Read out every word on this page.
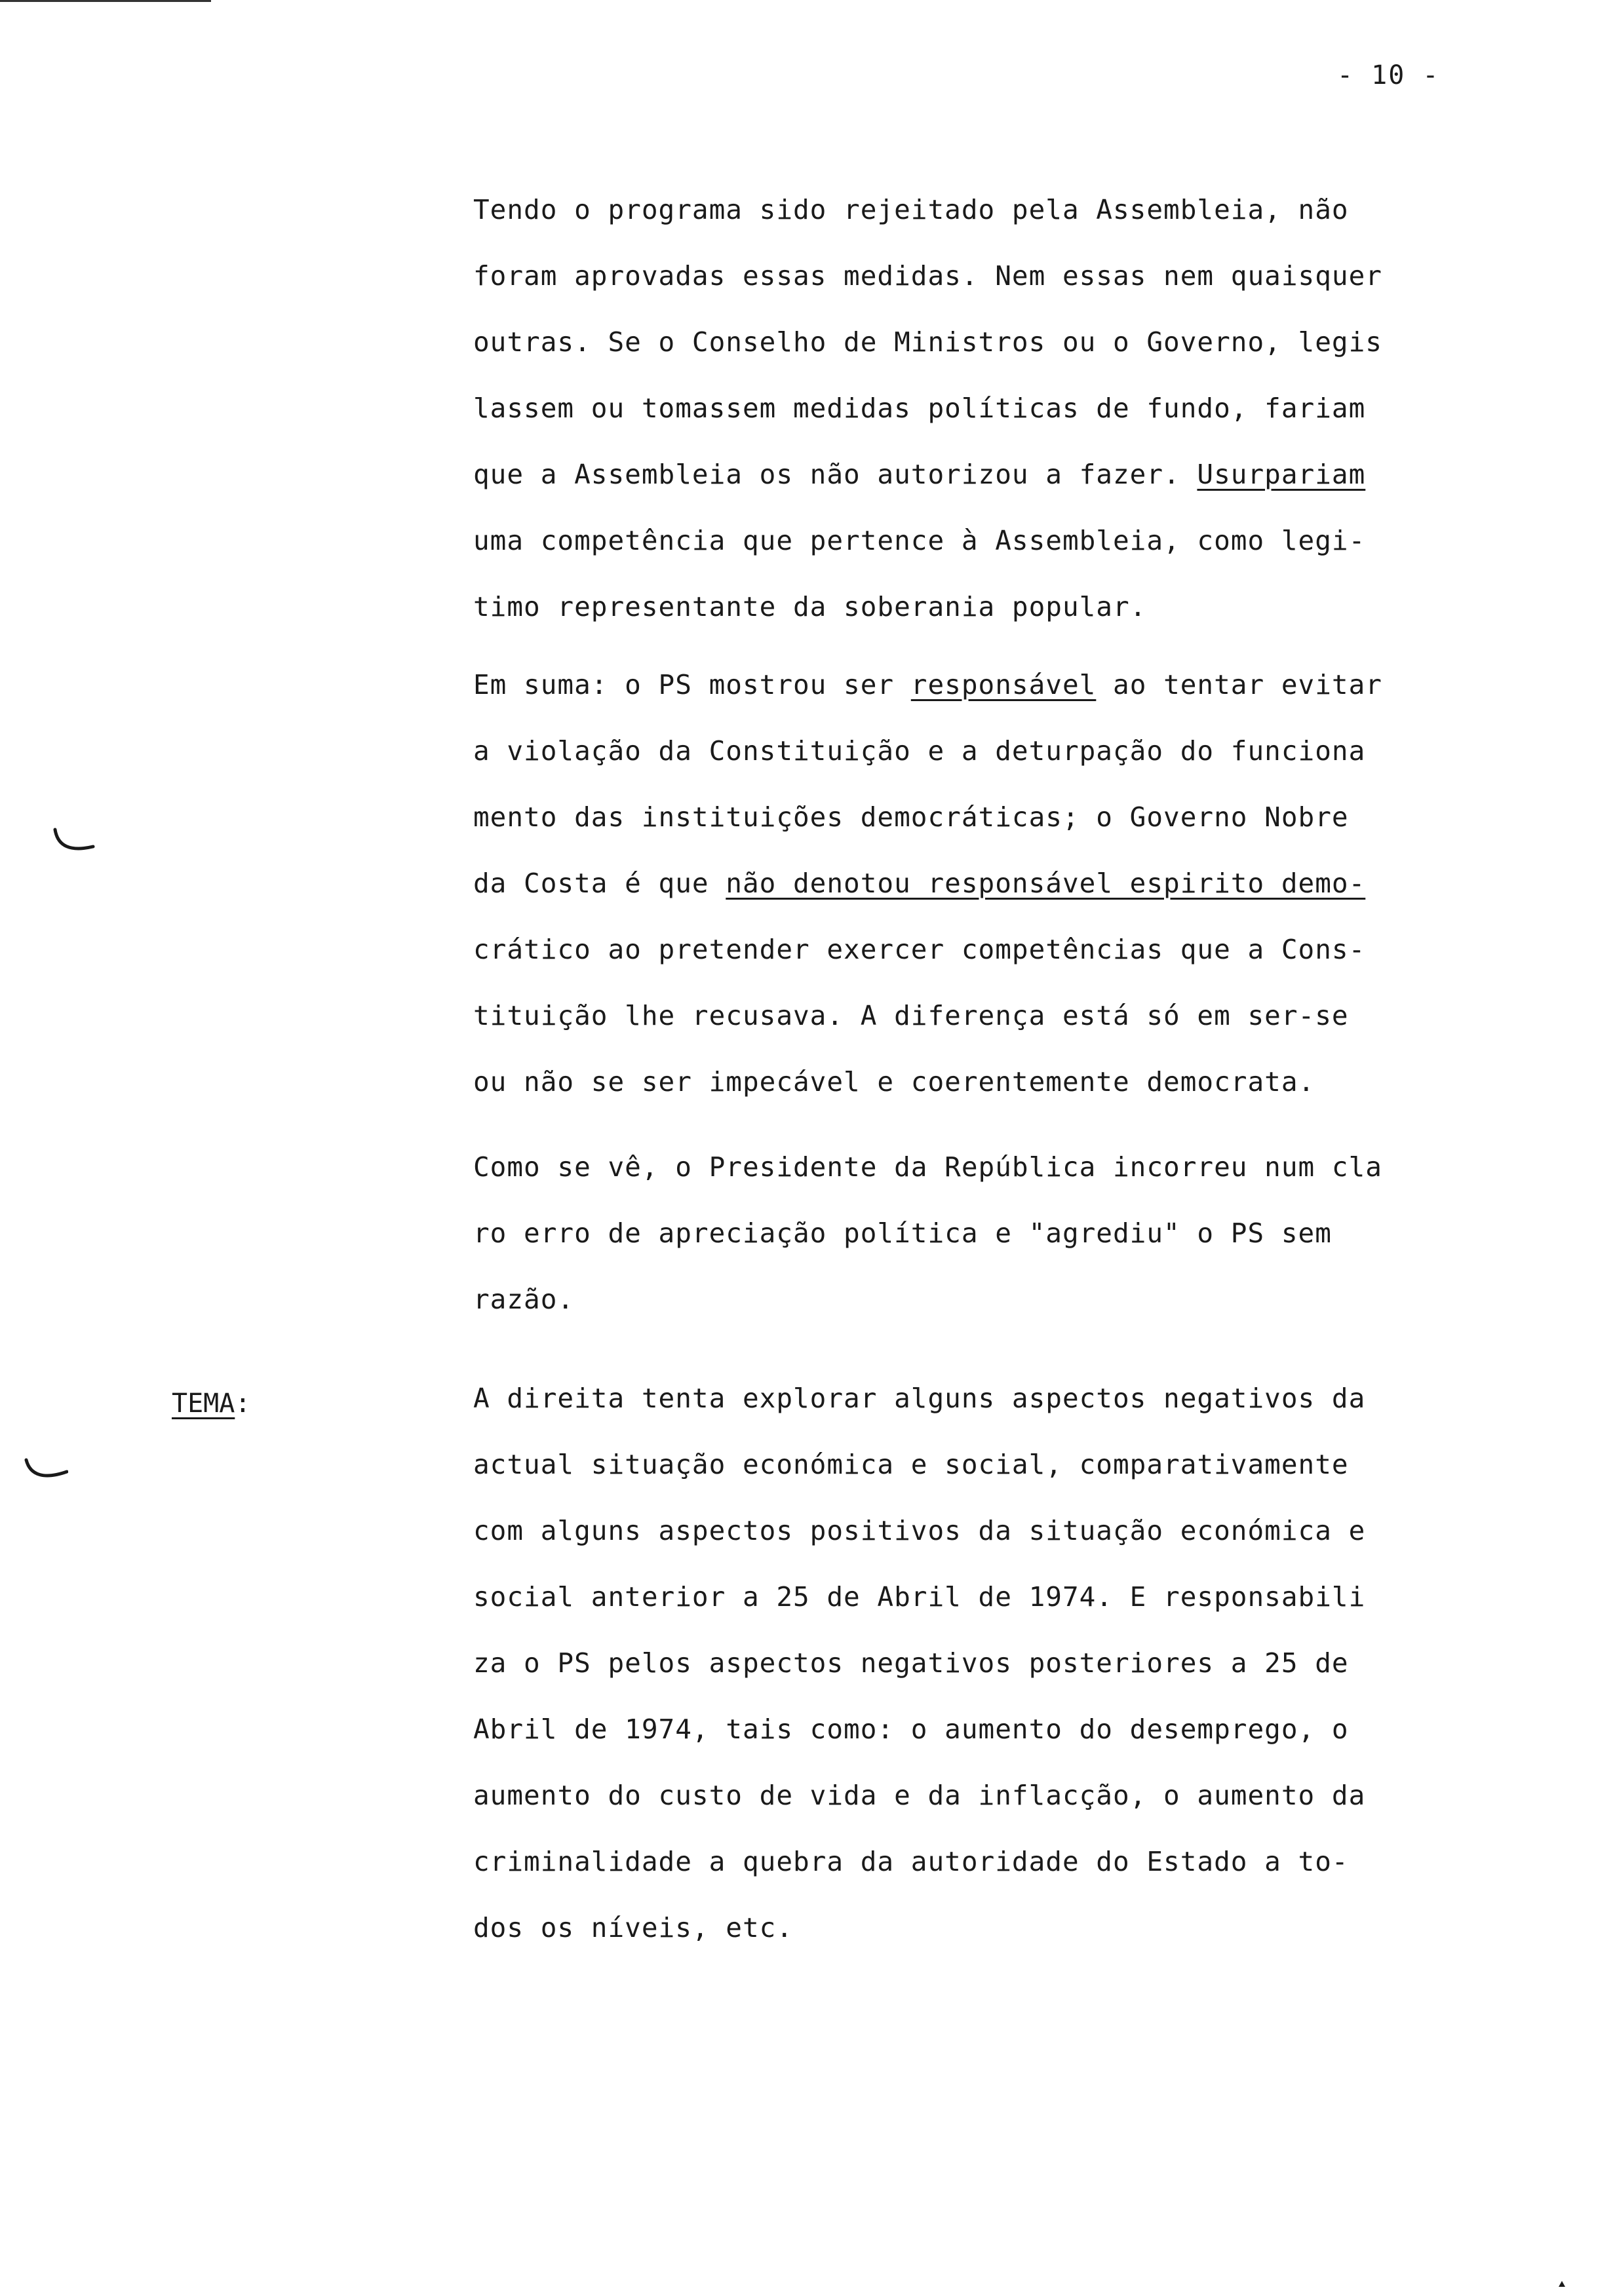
- 10 -
Tendo o programa sido rejeitado pela Assembleia, não
foram aprovadas essas medidas. Nem essas nem quaisquer
outras. Se o Conselho de Ministros ou o Governo, legis
lassem ou tomassem medidas políticas de fundo, fariam
que a Assembleia os não autorizou a fazer. Usurpariam
uma competência que pertence à Assembleia, como legi-
timo representante da soberania popular.
Em suma: o PS mostrou ser responsável ao tentar evitar
a violação da Constituição e a deturpação do funciona
mento das instituições democráticas; o Governo Nobre
da Costa é que não denotou responsável espirito demo-
crático ao pretender exercer competências que a Cons-
tituição lhe recusava. A diferença está só em ser-se
ou não se ser impecável e coerentemente democrata.
Como se vê, o Presidente da República incorreu num cla
ro erro de apreciação política e "agrediu" o PS sem
razão.
TEMA:	A direita tenta explorar alguns aspectos negativos da
actual situação económica e social, comparativamente
com alguns aspectos positivos da situação económica e
social anterior a 25 de Abril de 1974. E responsabili
za o PS pelos aspectos negativos posteriores a 25 de
Abril de 1974, tais como: o aumento do desemprego, o
aumento do custo de vida e da inflacção, o aumento da
criminalidade a quebra da autoridade do Estado a to-
dos os níveis, etc.
